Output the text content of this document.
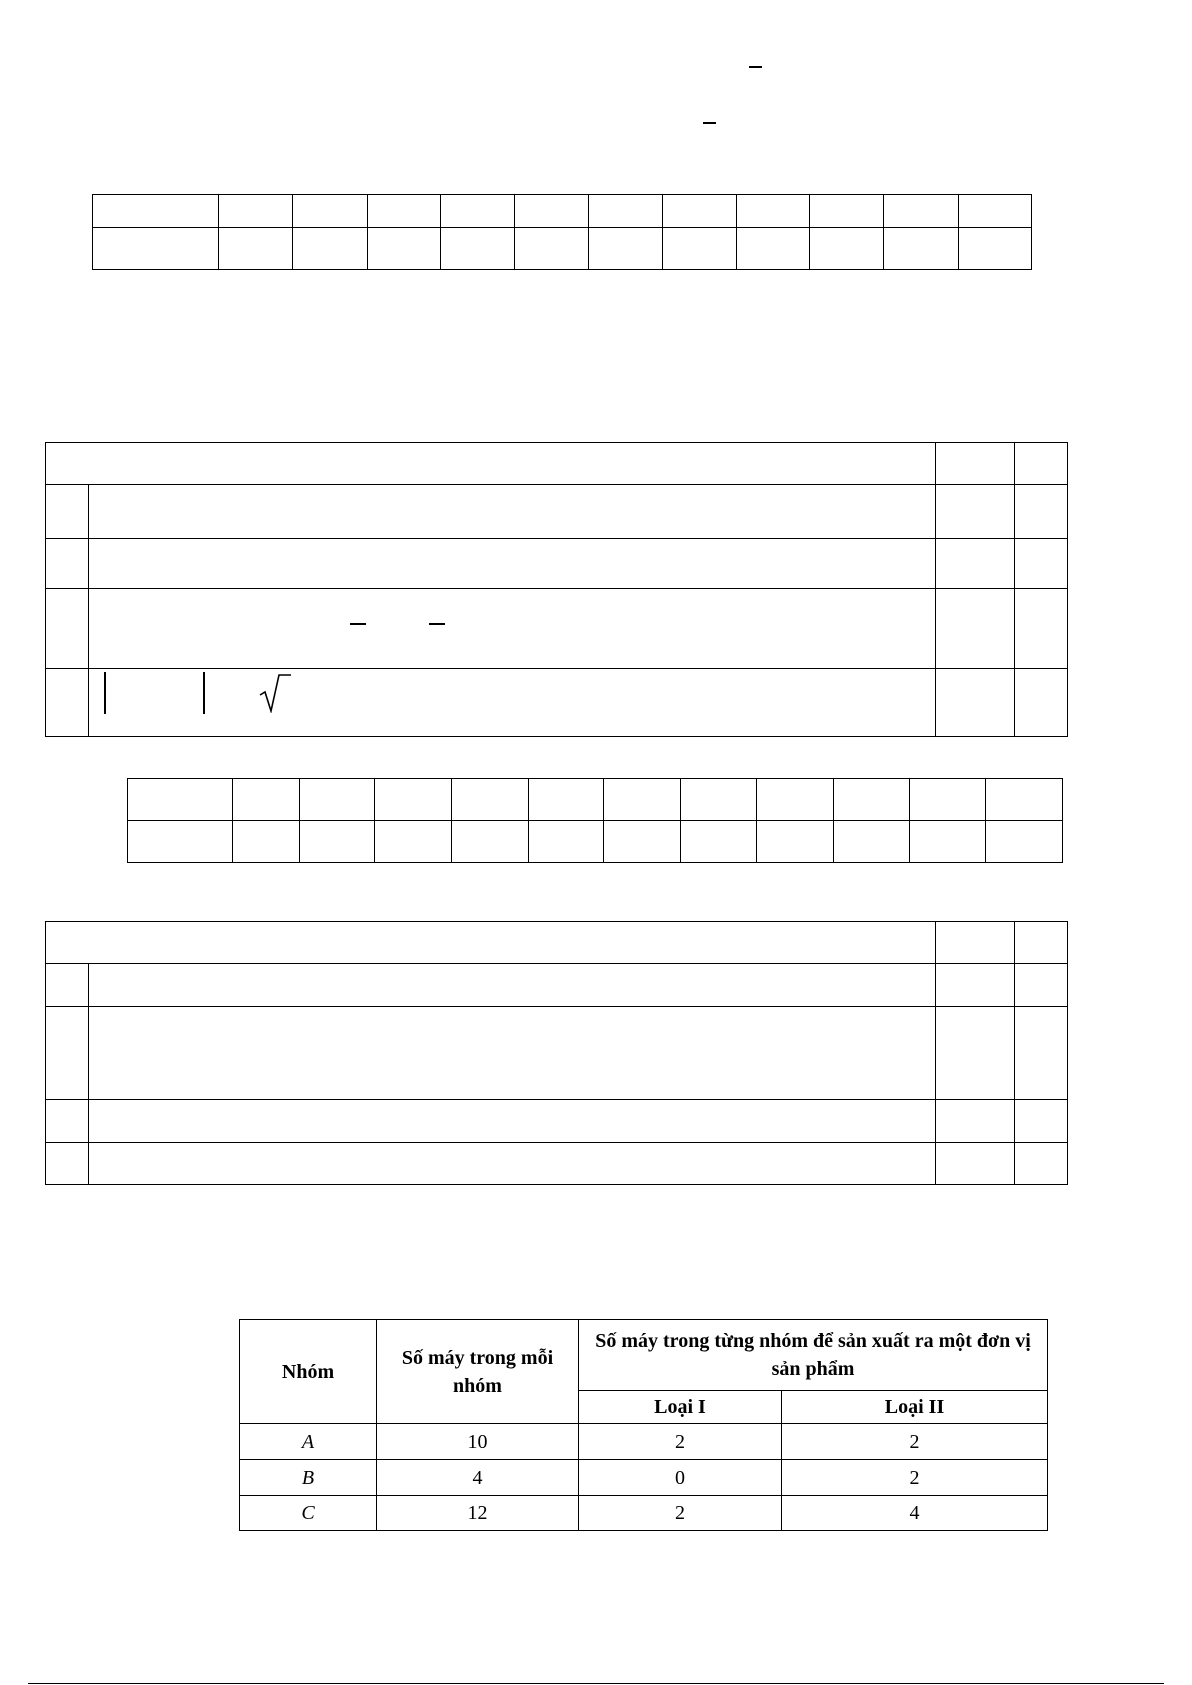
Nhóm	Số máy trong mỗi nhóm	Số máy trong từng nhóm để sản xuất ra một đơn vị sản phẩm	
		Loại I	Loại II
A	10	2	2
B	4	0	2
C	12	2	4
